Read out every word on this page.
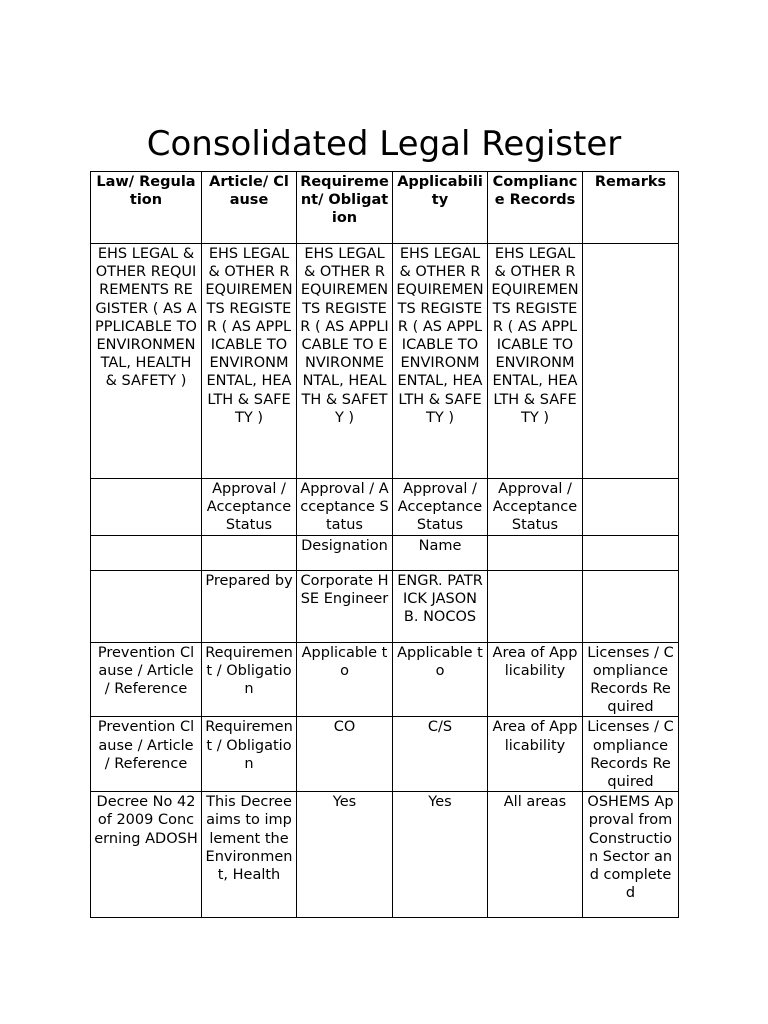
Consolidated Legal Register
Law/ Regulation	Article/ Clause	Requirement/ Obligation	Applicability	Compliance Records	Remarks
EHS LEGAL & OTHER REQUIREMENTS REGISTER ( AS APPLICABLE TO ENVIRONMENTAL, HEALTH & SAFETY )	EHS LEGAL & OTHER REQUIREMENTS REGISTER ( AS APPLICABLE TO ENVIRONMENTAL, HEALTH & SAFETY )	EHS LEGAL & OTHER REQUIREMENTS REGISTER ( AS APPLICABLE TO ENVIRONMENTAL, HEALTH & SAFETY )	EHS LEGAL & OTHER REQUIREMENTS REGISTER ( AS APPLICABLE TO ENVIRONMENTAL, HEALTH & SAFETY )	EHS LEGAL & OTHER REQUIREMENTS REGISTER ( AS APPLICABLE TO ENVIRONMENTAL, HEALTH & SAFETY )	
	Approval / Acceptance Status	Approval / Acceptance Status	Approval / Acceptance Status	Approval / Acceptance Status	
		Designation	Name		
	Prepared by	Corporate HSE Engineer	ENGR. PATRICK JASON B. NOCOS		
Prevention Clause / Article / Reference	Requirement / Obligation	Applicable to	Applicable to	Area of Applicability	Licenses / Compliance Records Required
Prevention Clause / Article / Reference	Requirement / Obligation	CO	C/S	Area of Applicability	Licenses / Compliance Records Required
Decree No 42 of 2009 Concerning ADOSH	This Decree aims to implement the Environment, Health	Yes	Yes	All areas	OSHEMS Approval from Construction Sector and completed
